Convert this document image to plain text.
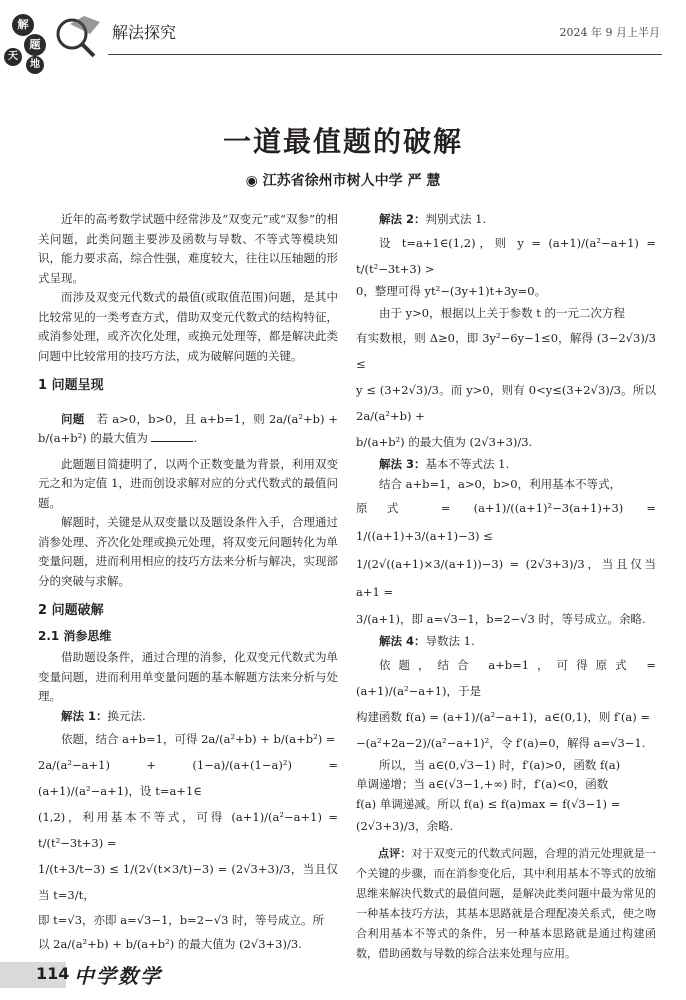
解
题
天
地
解法探究	2024 年 9 月上半月
一道最值题的破解
◉ 江苏省徐州市树人中学 严 慧

近年的高考数学试题中经常涉及“双变元”或“双参”的相关问题，此类问题主要涉及函数与导数、不等式等模块知识，能力要求高，综合性强，难度较大，往往以压轴题的形式呈现。

而涉及双变元代数式的最值(或取值范围)问题，是其中比较常见的一类考查方式，借助双变元代数式的结构特征，或消参处理，或齐次化处理，或换元处理等，都是解决此类问题中比较常用的技巧方法，成为破解问题的关键。

1 问题呈现

问题 若 a>0，b>0，且 a+b=1，则 2a/(a²+b) + b/(a+b²) 的最大值为	.

此题题目简捷明了，以两个正数变量为背景，利用双变元之和为定值 1，进而创设求解对应的分式代数式的最值问题。

解题时，关键是从双变量以及题设条件入手，合理通过消参处理、齐次化处理或换元处理，将双变元问题转化为单变量问题，进而利用相应的技巧方法来分析与解决，实现部分的突破与求解。

2 问题破解
2.1 消参思维

借助题设条件，通过合理的消参，化双变元代数式为单变量问题，进而利用单变量问题的基本解题方法来分析与处理。

解法 1：换元法.

依题，结合 a+b=1，可得 2a/(a²+b) + b/(a+b²) =

2a/(a²−a+1) + (1−a)/(a+(1−a)²) = (a+1)/(a²−a+1)，设 t=a+1∈

(1,2)，利用基本不等式，可得 (a+1)/(a²−a+1) = t/(t²−3t+3) =

1/(t+3/t−3) ≤ 1/(2√(t×3/t)−3) = (2√3+3)/3，当且仅当 t=3/t，

即 t=√3，亦即 a=√3−1，b=2−√3 时，等号成立。所

以 2a/(a²+b) + b/(a+b²) 的最大值为 (2√3+3)/3.

解法 2：判别式法 1.

设 t=a+1∈(1,2)，则 y = (a+1)/(a²−a+1) = t/(t²−3t+3) >

0，整理可得 yt²−(3y+1)t+3y=0。

由于 y>0，根据以上关于参数 t 的一元二次方程

有实数根，则 Δ≥0，即 3y²−6y−1≤0，解得 (3−2√3)/3 ≤

y ≤ (3+2√3)/3。而 y>0，则有 0<y≤(3+2√3)/3。所以 2a/(a²+b) +

b/(a+b²) 的最大值为 (2√3+3)/3.

解法 3：基本不等式法 1.

结合 a+b=1，a>0，b>0，利用基本不等式，

原式 = (a+1)/((a+1)²−3(a+1)+3) = 1/((a+1)+3/(a+1)−3) ≤

1/(2√((a+1)×3/(a+1))−3) = (2√3+3)/3，当且仅当 a+1 =

3/(a+1)，即 a=√3−1，b=2−√3 时，等号成立。余略.

解法 4：导数法 1.

依题，结合 a+b=1，可得原式 = (a+1)/(a²−a+1)，于是

构建函数 f(a) = (a+1)/(a²−a+1)，a∈(0,1)，则 f′(a) =

−(a²+2a−2)/(a²−a+1)²，令 f′(a)=0，解得 a=√3−1.

所以，当 a∈(0,√3−1) 时，f′(a)>0，函数 f(a)

单调递增；当 a∈(√3−1,+∞) 时，f′(a)<0，函数

f(a) 单调递减。所以 f(a) ≤ f(a)max = f(√3−1) =

(2√3+3)/3，余略.

点评：对于双变元的代数式问题，合理的消元处理就是一个关键的步骤，而在消参变化后，其中利用基本不等式的放缩思维来解决代数式的最值问题，是解决此类问题中最为常见的一种基本技巧方法，其基本思路就是合理配凑关系式，使之吻合利用基本不等式的条件，另一种基本思路就是通过构建函数，借助函数与导数的综合法来处理与应用。

114 中学数学
